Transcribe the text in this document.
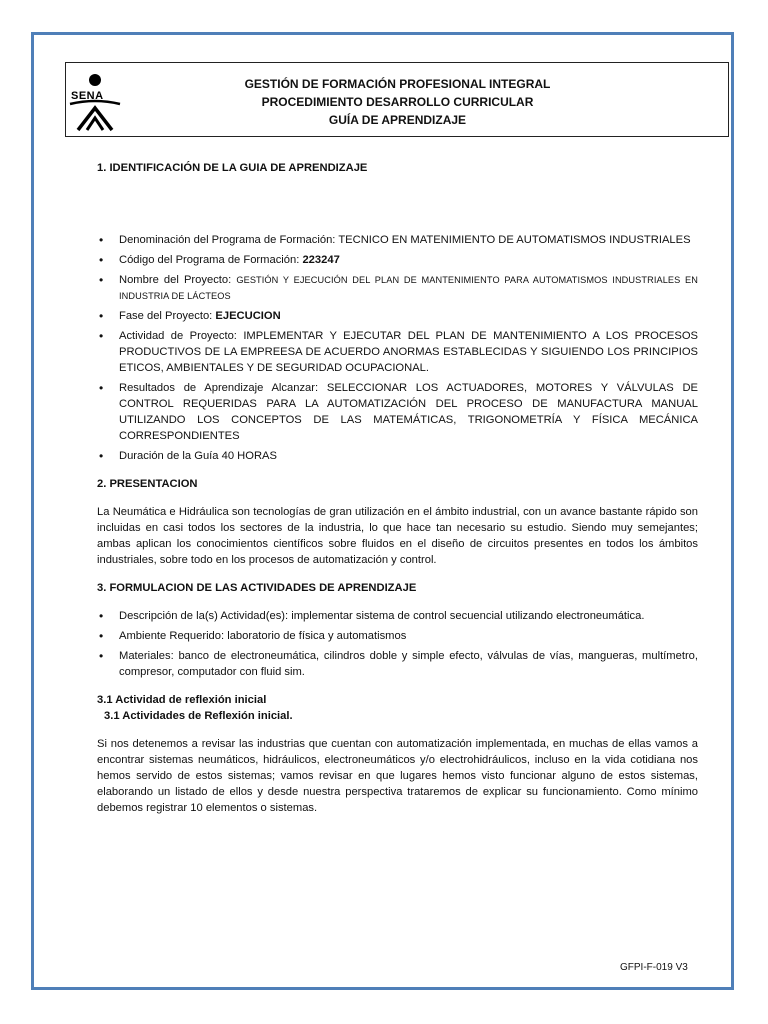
SENA
GESTIÓN DE FORMACIÓN PROFESIONAL INTEGRAL
PROCEDIMIENTO DESARROLLO CURRICULAR
GUÍA DE APRENDIZAJE

1. IDENTIFICACIÓN DE LA GUIA DE APRENDIZAJE

• Denominación del Programa de Formación: TECNICO EN MATENIMIENTO DE AUTOMATISMOS INDUSTRIALES
• Código del Programa de Formación: 223247
• Nombre del Proyecto: GESTIÓN Y EJECUCIÓN DEL PLAN DE MANTENIMIENTO PARA AUTOMATISMOS INDUSTRIALES EN INDUSTRIA DE LÁCTEOS
• Fase del Proyecto: EJECUCION
• Actividad de Proyecto: IMPLEMENTAR Y EJECUTAR DEL PLAN DE MANTENIMIENTO A LOS PROCESOS PRODUCTIVOS DE LA EMPREESA DE ACUERDO ANORMAS ESTABLECIDAS Y SIGUIENDO LOS PRINCIPIOS ETICOS, AMBIENTALES Y DE SEGURIDAD OCUPACIONAL.
• Resultados de Aprendizaje Alcanzar: SELECCIONAR LOS ACTUADORES, MOTORES Y VÁLVULAS DE CONTROL REQUERIDAS PARA LA AUTOMATIZACIÓN DEL PROCESO DE MANUFACTURA MANUAL UTILIZANDO LOS CONCEPTOS DE LAS MATEMÁTICAS, TRIGONOMETRÍA Y FÍSICA MECÁNICA CORRESPONDIENTES
• Duración de la Guía 40 HORAS

2. PRESENTACION

La Neumática e Hidráulica son tecnologías de gran utilización en el ámbito industrial, con un avance bastante rápido son incluidas en casi todos los sectores de la industria, lo que hace tan necesario su estudio. Siendo muy semejantes; ambas aplican los conocimientos científicos sobre fluidos en el diseño de circuitos presentes en todos los ámbitos industriales, sobre todo en los procesos de automatización y control.

3. FORMULACION DE LAS ACTIVIDADES DE APRENDIZAJE

• Descripción de la(s) Actividad(es): implementar sistema de control secuencial utilizando electroneumática.
• Ambiente Requerido: laboratorio de física y automatismos
• Materiales: banco de electroneumática, cilindros doble y simple efecto, válvulas de vías, mangueras, multímetro, compresor, computador con fluid sim.

3.1 Actividad de reflexión inicial

3.1 Actividades de Reflexión inicial.

Si nos detenemos a revisar las industrias que cuentan con automatización implementada, en muchas de ellas vamos a encontrar sistemas neumáticos, hidráulicos, electroneumáticos y/o electrohidráulicos, incluso en la vida cotidiana nos hemos servido de estos sistemas; vamos revisar en que lugares hemos visto funcionar alguno de estos sistemas, elaborando un listado de ellos y desde nuestra perspectiva trataremos de explicar su funcionamiento. Como mínimo debemos registrar 10 elementos o sistemas.

GFPI-F-019 V3
